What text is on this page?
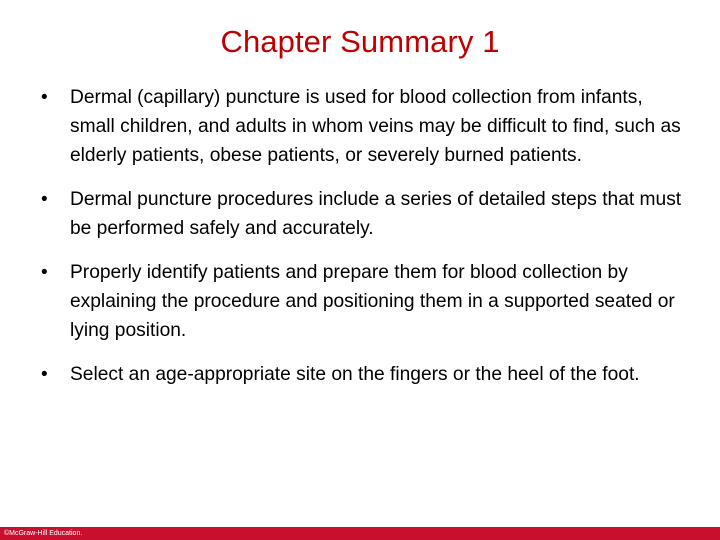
Chapter Summary 1
• Dermal (capillary) puncture is used for blood collection from infants, small children, and adults in whom veins may be difficult to find, such as elderly patients, obese patients, or severely burned patients.
• Dermal puncture procedures include a series of detailed steps that must be performed safely and accurately.
• Properly identify patients and prepare them for blood collection by explaining the procedure and positioning them in a supported seated or lying position.
• Select an age-appropriate site on the fingers or the heel of the foot.
©McGraw-Hill Education.
